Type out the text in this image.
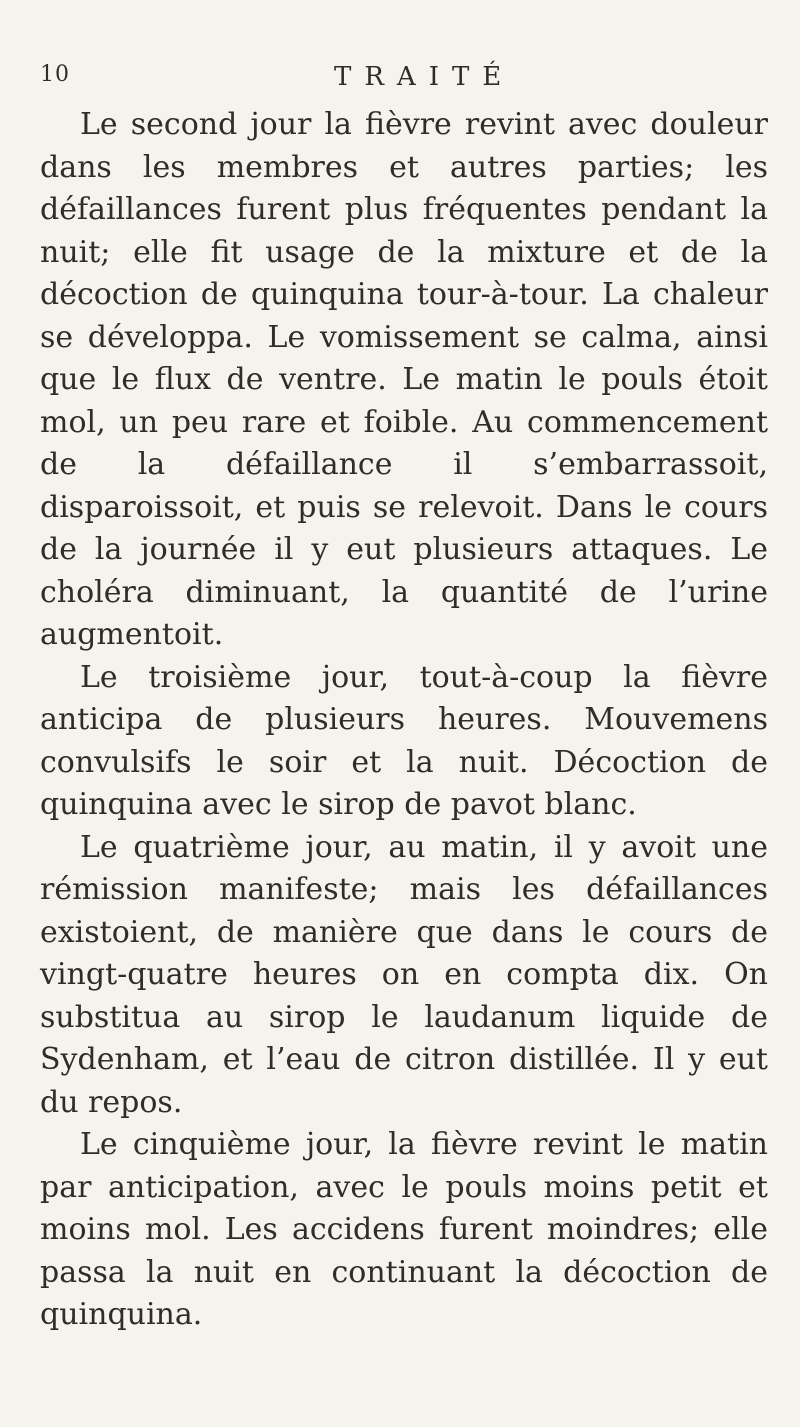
10	TRAITÉ

Le second jour la fièvre revint avec douleur dans les membres et autres parties; les défaillances furent plus fréquentes pendant la nuit; elle fit usage de la mixture et de la décoction de quinquina tour-à-tour. La chaleur se développa. Le vomissement se calma, ainsi que le flux de ventre. Le matin le pouls étoit mol, un peu rare et foible. Au commencement de la défaillance il s’embarrassoit, disparoissoit, et puis se relevoit. Dans le cours de la journée il y eut plusieurs attaques. Le choléra diminuant, la quantité de l’urine augmentoit.

Le troisième jour, tout-à-coup la fièvre anticipa de plusieurs heures. Mouvemens convulsifs le soir et la nuit. Décoction de quinquina avec le sirop de pavot blanc.

Le quatrième jour, au matin, il y avoit une rémission manifeste; mais les défaillances existoient, de manière que dans le cours de vingt-quatre heures on en compta dix. On substitua au sirop le laudanum liquide de Sydenham, et l’eau de citron distillée. Il y eut du repos.

Le cinquième jour, la fièvre revint le matin par anticipation, avec le pouls moins petit et moins mol. Les accidens furent moindres; elle passa la nuit en continuant la décoction de quinquina.
